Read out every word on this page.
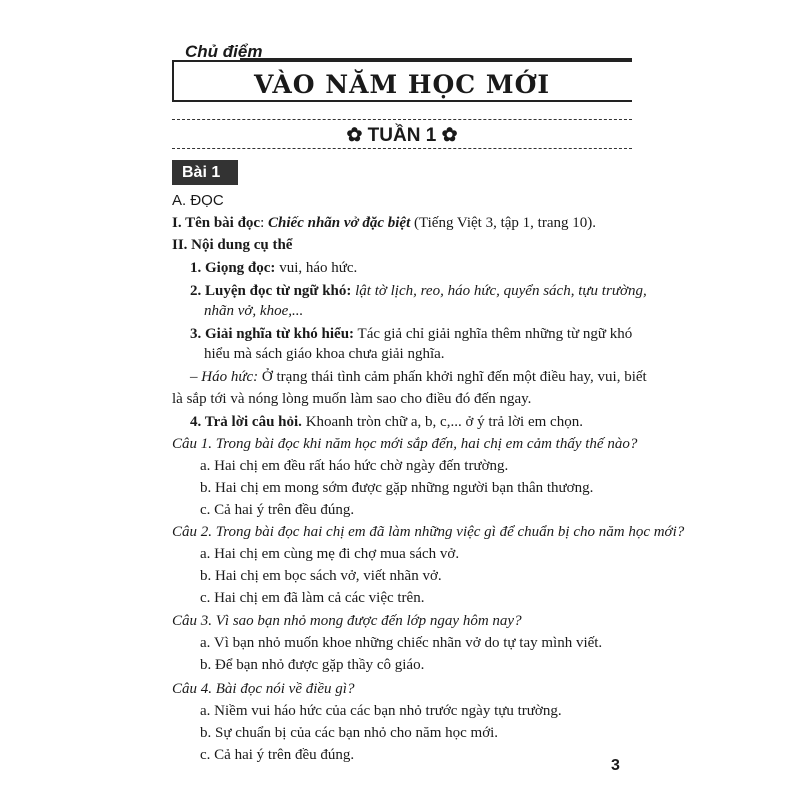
Chủ điểm
VÀO NĂM HỌC MỚI
✿ TUẦN 1 ✿
Bài 1
A. ĐỌC
I. Tên bài đọc: Chiếc nhãn vở đặc biệt (Tiếng Việt 3, tập 1, trang 10).
II. Nội dung cụ thể
1. Giọng đọc: vui, háo hức.
2. Luyện đọc từ ngữ khó: lật tờ lịch, reo, háo hức, quyển sách, tựu trường,
nhãn vở, khoe,...
3. Giải nghĩa từ khó hiểu: Tác giả chỉ giải nghĩa thêm những từ ngữ khó
hiểu mà sách giáo khoa chưa giải nghĩa.
– Háo hức: Ở trạng thái tình cảm phấn khởi nghĩ đến một điều hay, vui, biết
là sắp tới và nóng lòng muốn làm sao cho điều đó đến ngay.
4. Trả lời câu hỏi. Khoanh tròn chữ a, b, c,... ở ý trả lời em chọn.
Câu 1. Trong bài đọc khi năm học mới sắp đến, hai chị em cảm thấy thế nào?
a. Hai chị em đều rất háo hức chờ ngày đến trường.
b. Hai chị em mong sớm được gặp những người bạn thân thương.
c. Cả hai ý trên đều đúng.
Câu 2. Trong bài đọc hai chị em đã làm những việc gì để chuẩn bị cho năm học mới?
a. Hai chị em cùng mẹ đi chợ mua sách vở.
b. Hai chị em bọc sách vở, viết nhãn vở.
c. Hai chị em đã làm cả các việc trên.
Câu 3. Vì sao bạn nhỏ mong được đến lớp ngay hôm nay?
a. Vì bạn nhỏ muốn khoe những chiếc nhãn vở do tự tay mình viết.
b. Để bạn nhỏ được gặp thầy cô giáo.
Câu 4. Bài đọc nói về điều gì?
a. Niềm vui háo hức của các bạn nhỏ trước ngày tựu trường.
b. Sự chuẩn bị của các bạn nhỏ cho năm học mới.
c. Cả hai ý trên đều đúng.
3
